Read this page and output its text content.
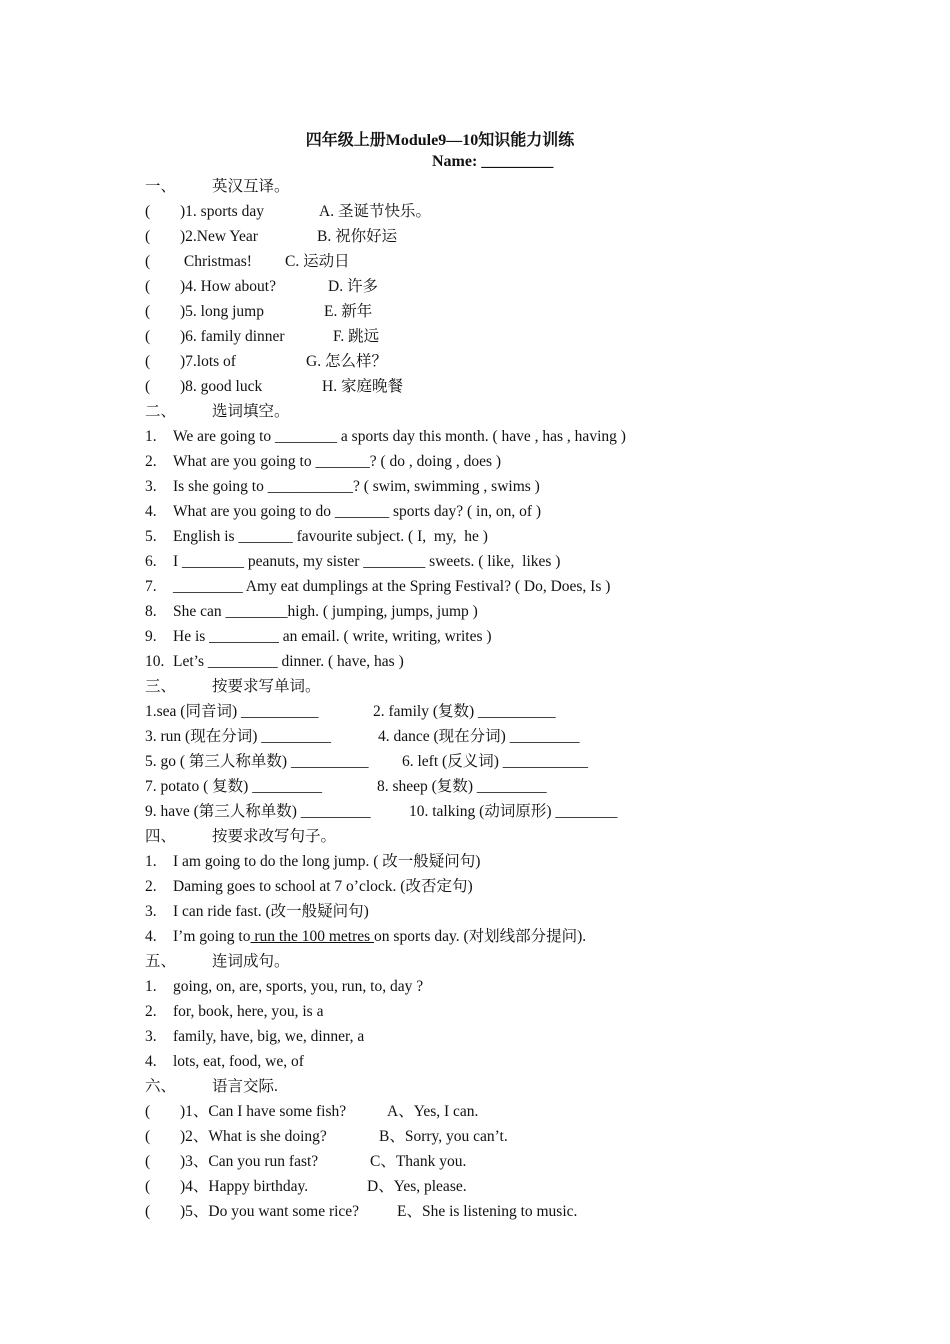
四年级上册Module9—10知识能力训练
Name: _________
一、 英汉互译。
( )1. sports day	A. 圣诞节快乐。
( )2.New Year	B. 祝你好运
( Christmas! C. 运动日
( )4. How about?	D. 许多
( )5. long jump	E. 新年
( )6. family dinner	F. 跳远
( )7.lots of	G. 怎么样？
( )8. good luck	H. 家庭晚餐
二、 选词填空。
1. We are going to ________ a sports day this month. ( have , has , having )
2. What are you going to _______? ( do , doing , does )
3. Is she going to ___________? ( swim, swimming , swims )
4. What are you going to do _______ sports day? ( in, on, of )
5. English is _______ favourite subject. ( I,  my,  he )
6. I ________ peanuts, my sister ________ sweets. ( like,  likes )
7. _________ Amy eat dumplings at the Spring Festival? ( Do, Does, Is )
8. She can ________high. ( jumping, jumps, jump )
9. He is _________ an email. ( write, writing, writes )
10. Let’s _________ dinner. ( have, has )
三、 按要求写单词。
1.sea (同音词) __________	2. family (复数) __________
3. run (现在分词) _________	4. dance (现在分词) _________
5. go ( 第三人称单数) __________ 6. left (反义词) ___________
7. potato ( 复数) _________	8. sheep (复数) _________
9. have (第三人称单数) _________ 10. talking (动词原形) ________
四、 按要求改写句子。
1. I am going to do the long jump. ( 改一般疑问句)
2. Daming goes to school at 7 o’clock. (改否定句)
3. I can ride fast. (改一般疑问句)
4. I’m going to run the 100 metres on sports day. (对划线部分提问).
五、 连词成句。
1. going, on, are, sports, you, run, to, day ?
2. for, book, here, you, is a
3. family, have, big, we, dinner, a
4. lots, eat, food, we, of
六、 语言交际.
( )1、Can I have some fish?	A、Yes, I can.
( )2、What is she doing?	B、Sorry, you can’t.
( )3、Can you run fast?	C、Thank you.
( )4、Happy birthday.	D、Yes, please.
( )5、Do you want some rice? E、She is listening to music.
